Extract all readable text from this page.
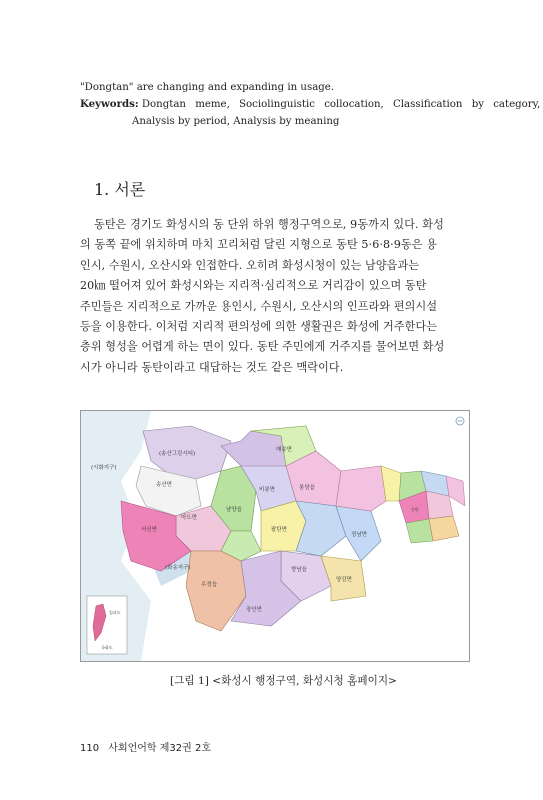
"Dongtan" are changing and expanding in usage.
Keywords: Dongtan meme, Sociolinguistic collocation, Classification by category,
Analysis by period, Analysis by meaning
1. 서론
동탄은 경기도 화성시의 동 단위 하위 행정구역으로, 9동까지 있다. 화성
의 동쪽 끝에 위치하며 마치 꼬리처럼 달린 지형으로 동탄 5·6·8·9동은 용
인시, 수원시, 오산시와 인접한다. 오히려 화성시청이 있는 남양읍과는
20㎞ 떨어져 있어 화성시와는 지리적·심리적으로 거리감이 있으며 동탄
주민들은 지리적으로 가까운 용인시, 수원시, 오산시의 인프라와 편의시설
등을 이용한다. 이처럼 지리적 편의성에 의한 생활권은 화성에 거주한다는
층위 형성을 어렵게 하는 면이 있다. 동탄 주민에게 거주지를 물어보면 화성
시가 아니라 동탄이라고 대답하는 것도 같은 맥락이다.
입파도
국화도
(송산그린시티)
(시화지구)
송산면
마도면
서신면
남양읍
비봉면
매송면
봉담읍
팔탄면
정남면
향남읍
양감면
우정읍
장안면
(화옹지구)
동탄
[그림 1] <화성시 행정구역, 화성시청 홈페이지>
110 사회언어학 제32권 2호
